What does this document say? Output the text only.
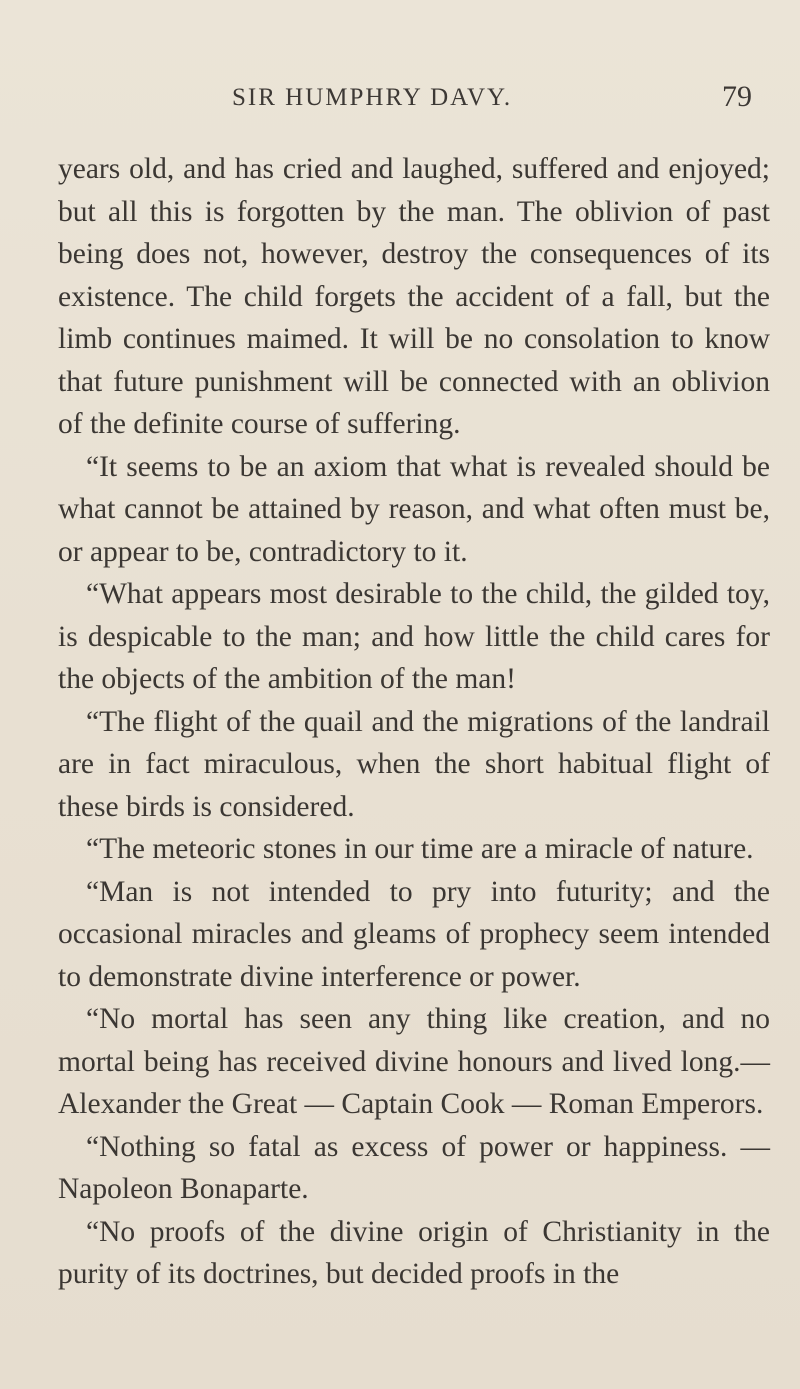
SIR HUMPHRY DAVY.	79

years old, and has cried and laughed, suffered and enjoyed; but all this is forgotten by the man. The oblivion of past being does not, however, destroy the consequences of its existence. The child forgets the accident of a fall, but the limb continues maimed. It will be no consolation to know that future punishment will be connected with an oblivion of the definite course of suffering.

“It seems to be an axiom that what is revealed should be what cannot be attained by reason, and what often must be, or appear to be, contradictory to it.

“What appears most desirable to the child, the gilded toy, is despicable to the man; and how little the child cares for the objects of the ambition of the man!

“The flight of the quail and the migrations of the landrail are in fact miraculous, when the short habitual flight of these birds is considered.

“The meteoric stones in our time are a miracle of nature.

“Man is not intended to pry into futurity; and the occasional miracles and gleams of prophecy seem intended to demonstrate divine interference or power.

“No mortal has seen any thing like creation, and no mortal being has received divine honours and lived long.— Alexander the Great — Captain Cook — Roman Emperors.

“Nothing so fatal as excess of power or happiness. — Napoleon Bonaparte.

“No proofs of the divine origin of Christianity in the purity of its doctrines, but decided proofs in the
